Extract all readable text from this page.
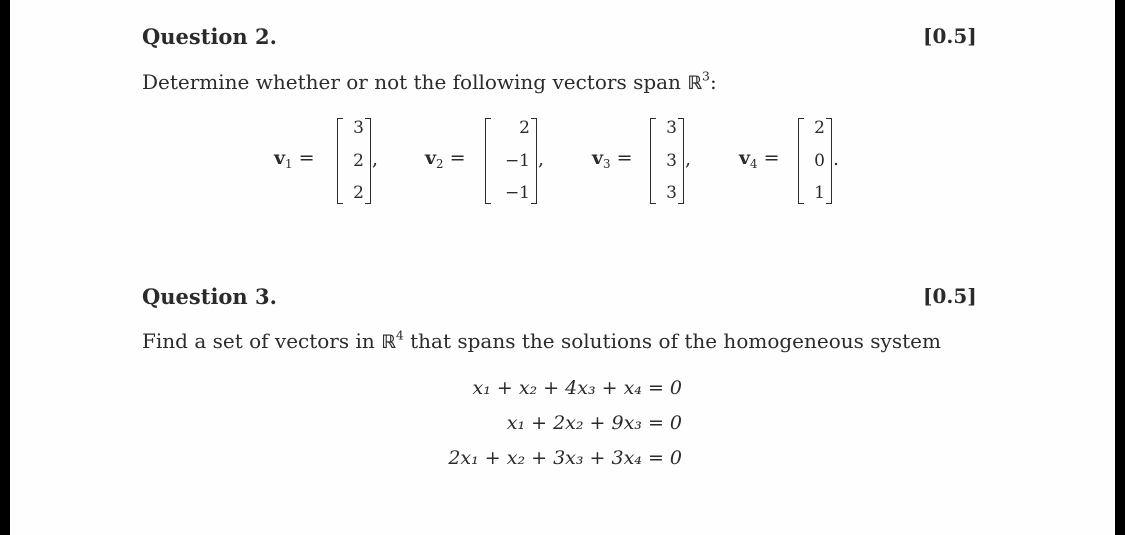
Question 2.	[0.5]
Determine whether or not the following vectors span ℝ$^3$:
$v_1$ =
3
2
2
, $v_2$ =
2
−1
−1
,	$v_3$ =
3
3
3
,	$v_4$ =
2
0
1
.
Question 3.	[0.5]
Find a set of vectors in ℝ$^4$ that spans the solutions of the homogeneous system
x₁ + x₂ + 4x₃ + x₄ = 0
x₁ + 2x₂ + 9x₃ = 0
2x₁ + x₂ + 3x₃ + 3x₄ = 0
